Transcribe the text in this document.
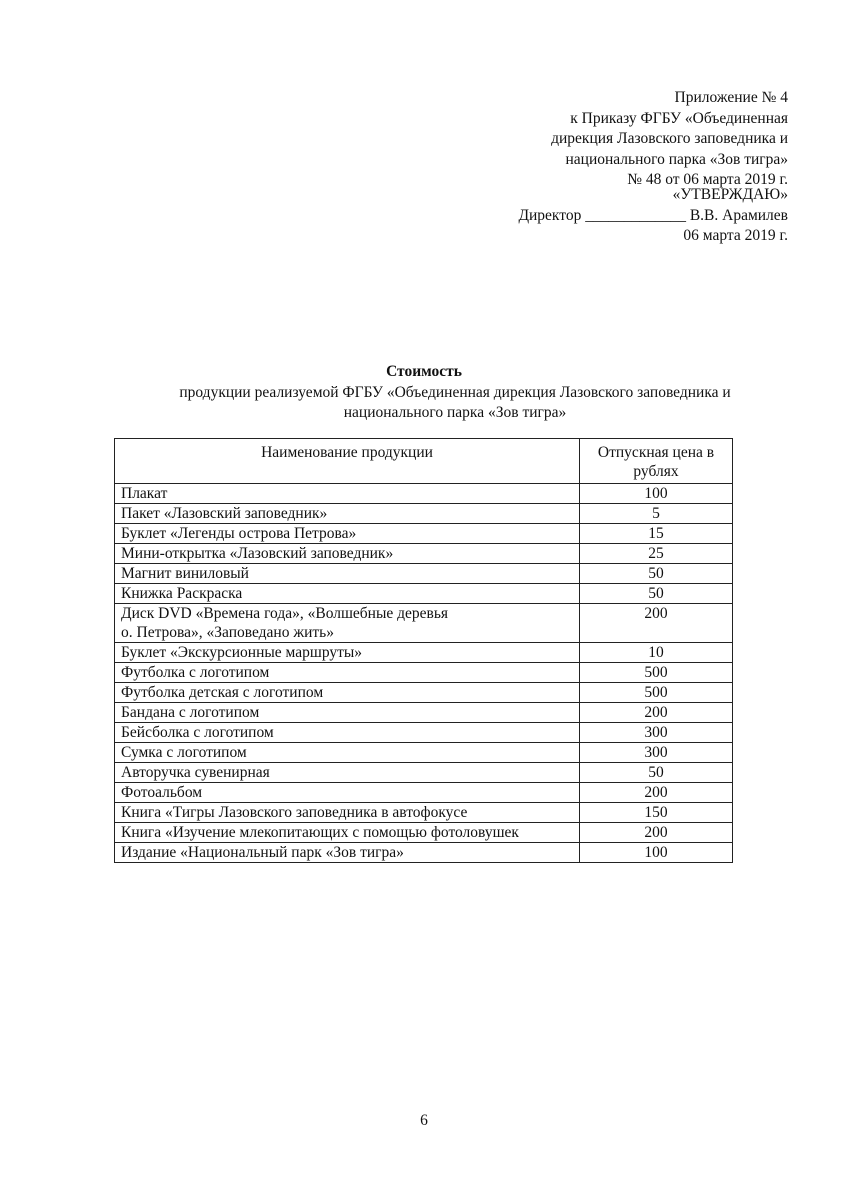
Приложение № 4
к Приказу ФГБУ «Объединенная
дирекция Лазовского заповедника и
национального парка «Зов тигра»
№ 48 от 06 марта 2019 г.
«УТВЕРЖДАЮ»
Директор _____________ В.В. Арамилев
06 марта 2019 г.
Стоимость
продукции реализуемой ФГБУ «Объединенная дирекция Лазовского заповедника и
национального парка «Зов тигра»
Наименование продукции	Отпускная цена в рублях

Плакат	100

Пакет «Лазовский заповедник»	5

Буклет «Легенды острова Петрова»	15

Мини-открытка «Лазовский заповедник»	25

Магнит виниловый	50

Книжка Раскраска	50

Диск DVD «Времена года», «Волшебные деревья
о. Петрова», «Заповедано жить»	200

Буклет «Экскурсионные маршруты»	10

Футболка с логотипом	500

Футболка детская с логотипом	500

Бандана с логотипом	200

Бейсболка с логотипом	300

Сумка с логотипом	300

Авторучка сувенирная	50

Фотоальбом	200

Книга «Тигры Лазовского заповедника в автофокусе	150

Книга «Изучение млекопитающих с помощью фотоловушек	200

Издание «Национальный парк «Зов тигра»	100
6
